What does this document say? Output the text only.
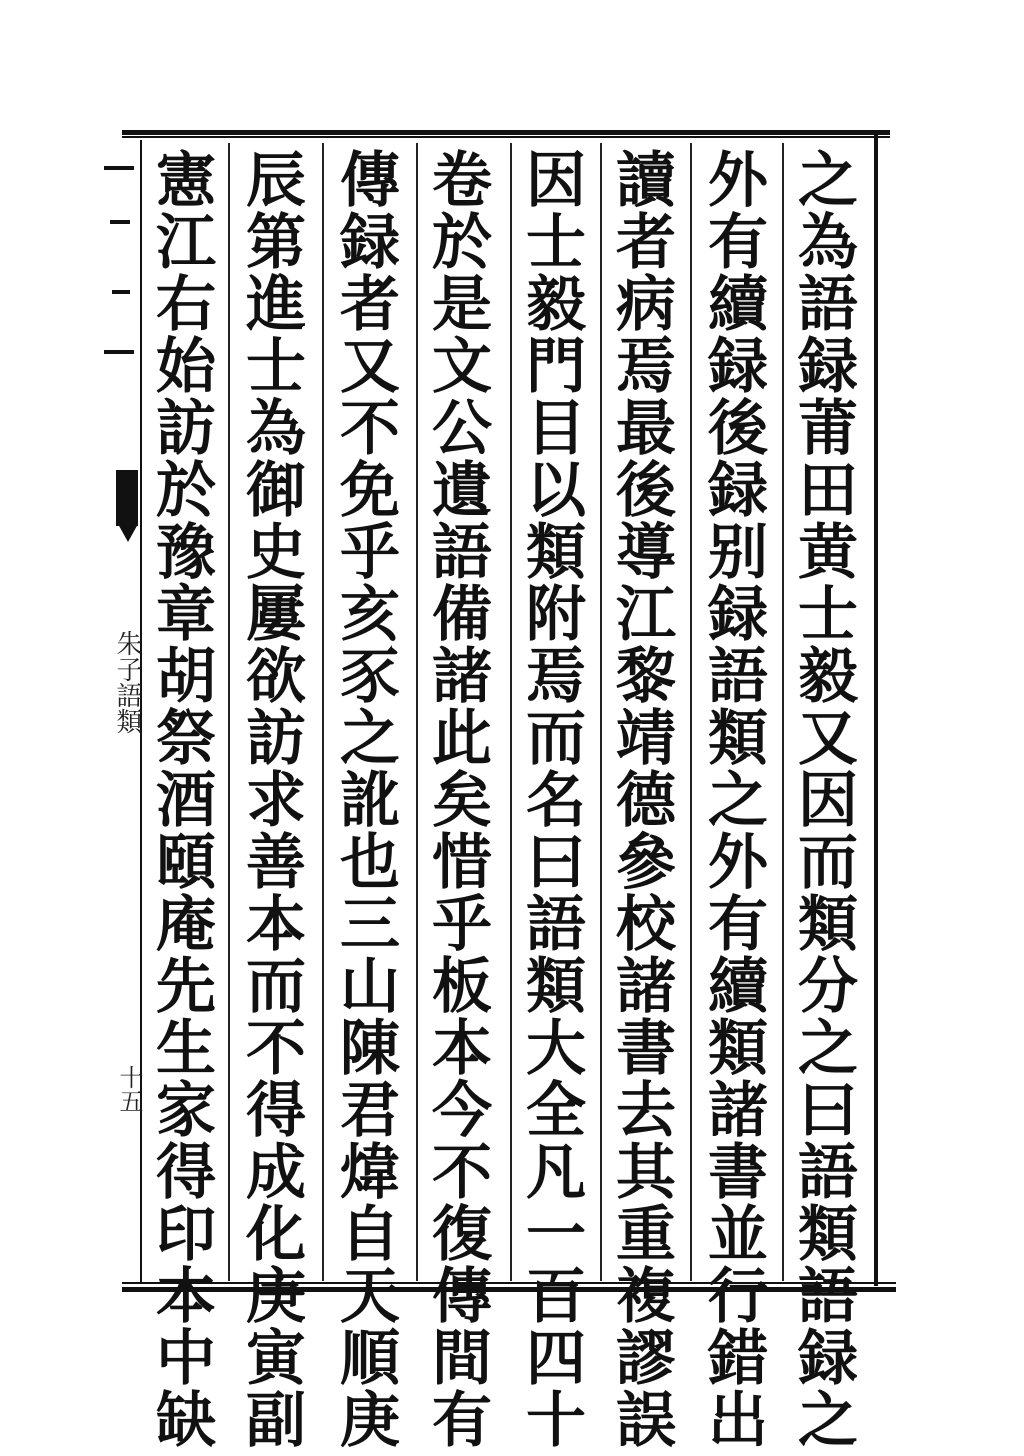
之
為
語
録
莆
田
黄
士
毅
又
因
而
類
分
之
曰
語
類
語
録
之
外
有
續
録
後
録
别
録
語
類
之
外
有
續
類
諸
書
並
行
錯
出
讀
者
病
焉
最
後
導
江
黎
靖
德
參
校
諸
書
去
其
重
複
謬
誤
因
士
毅
門
目
以
類
附
焉
而
名
曰
語
類
大
全
凡
一
百
四
十
卷
於
是
文
公
遺
語
備
諸
此
矣
惜
乎
板
本
今
不
復
傳
間
有
傳
録
者
又
不
免
乎
亥
豕
之
訛
也
三
山
陳
君
煒
自
天
順
庚
辰
第
進
士
為
御
史
屢
欲
訪
求
善
本
而
不
得
成
化
庚
寅
副
憲
江
右
始
訪
於
豫
章
胡
祭
酒
頤
庵
先
生
家
得
印
本
中
缺
朱子語類
十五
